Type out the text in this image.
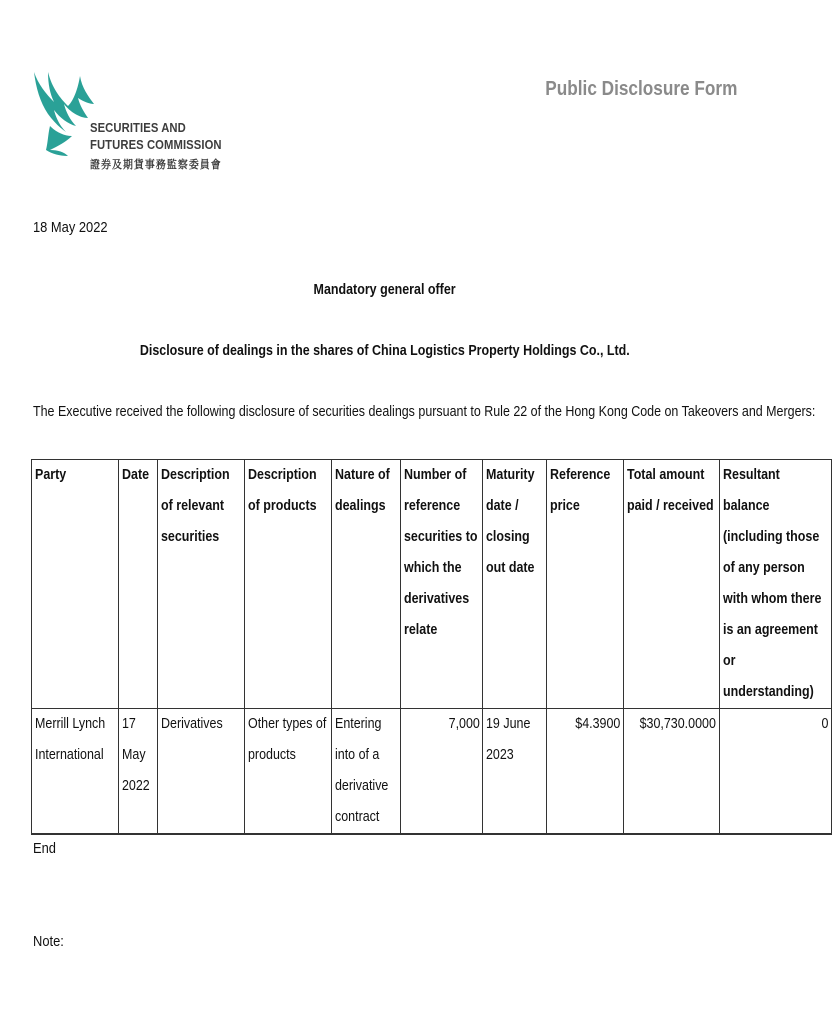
SECURITIES AND
FUTURES COMMISSION
證券及期貨事務監察委員會
Public Disclosure Form
18 May 2022
Mandatory general offer
Disclosure of dealings in the shares of China Logistics Property Holdings Co., Ltd.
The Executive received the following disclosure of securities dealings pursuant to Rule 22 of the Hong Kong Code on Takeovers and Mergers:
Party	Date	Description of relevant securities	Description of products	Nature of dealings	Number of reference securities to which the derivatives relate	Maturity date / closing out date	Reference price	Total amount paid / received	Resultant balance (including those of any person with whom there is an agreement or understanding)

Merrill Lynch International	17 May 2022	Derivatives	Other types of products	Entering into of a derivative contract	7,000	19 June 2023	$4.3900	$30,730.0000	0
End
Note:
